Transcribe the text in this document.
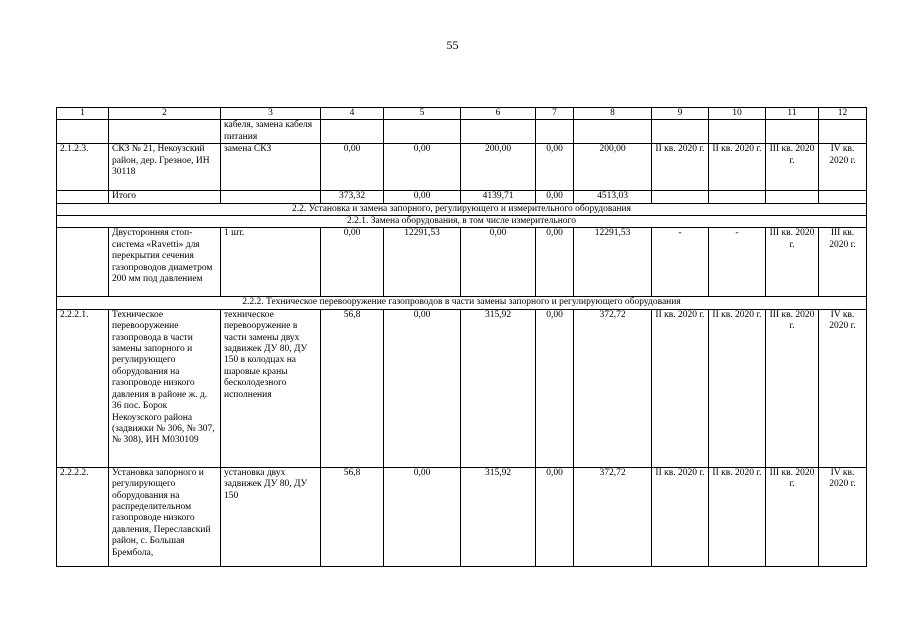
55
1	2	3	4	5	6	7	8	9	10	11	12
		кабеля, замена кабеля питания									
2.1.2.3.	СКЗ № 21, Некоузский район, дер. Грезное, ИН 30118	замена СКЗ	0,00	0,00	200,00	0,00	200,00	II кв. 2020 г.	II кв. 2020 г.	III кв. 2020 г.	IV кв. 2020 г.
	Итого		373,32	0,00	4139,71	0,00	4513,03				
2.2. Установка и замена запорного, регулирующего и измерительного оборудования											
2.2.1. Замена оборудования, в том числе измерительного											
	Двусторонняя стоп-система «Ravetti» для перекрытия сечения газопроводов диаметром 200 мм под давлением	1 шт.	0,00	12291,53	0,00	0,00	12291,53	-	-	III кв. 2020 г.	III кв. 2020 г.
2.2.2. Техническое перевооружение газопроводов в части замены запорного и регулирующего оборудования											
2.2.2.1.	Техническое перевооружение газопровода в части замены запорного и регулирующего оборудования на газопроводе низкого давления в районе ж. д. 36 пос. Борок Некоузского района (задвижки № 306, № 307, № 308), ИН М030109	техническое перевооружение в части замены двух задвижек ДУ 80, ДУ 150 в колодцах на шаровые краны бесколодезного исполнения	56,8	0,00	315,92	0,00	372,72	II кв. 2020 г.	II кв. 2020 г.	III кв. 2020 г.	IV кв. 2020 г.
2.2.2.2.	Установка запорного и регулирующего оборудования на распределительном газопроводе низкого давления, Переславский район, с. Большая Брембола,	установка двух задвижек ДУ 80, ДУ 150	56,8	0,00	315,92	0,00	372,72	II кв. 2020 г.	II кв. 2020 г.	III кв. 2020 г.	IV кв. 2020 г.
